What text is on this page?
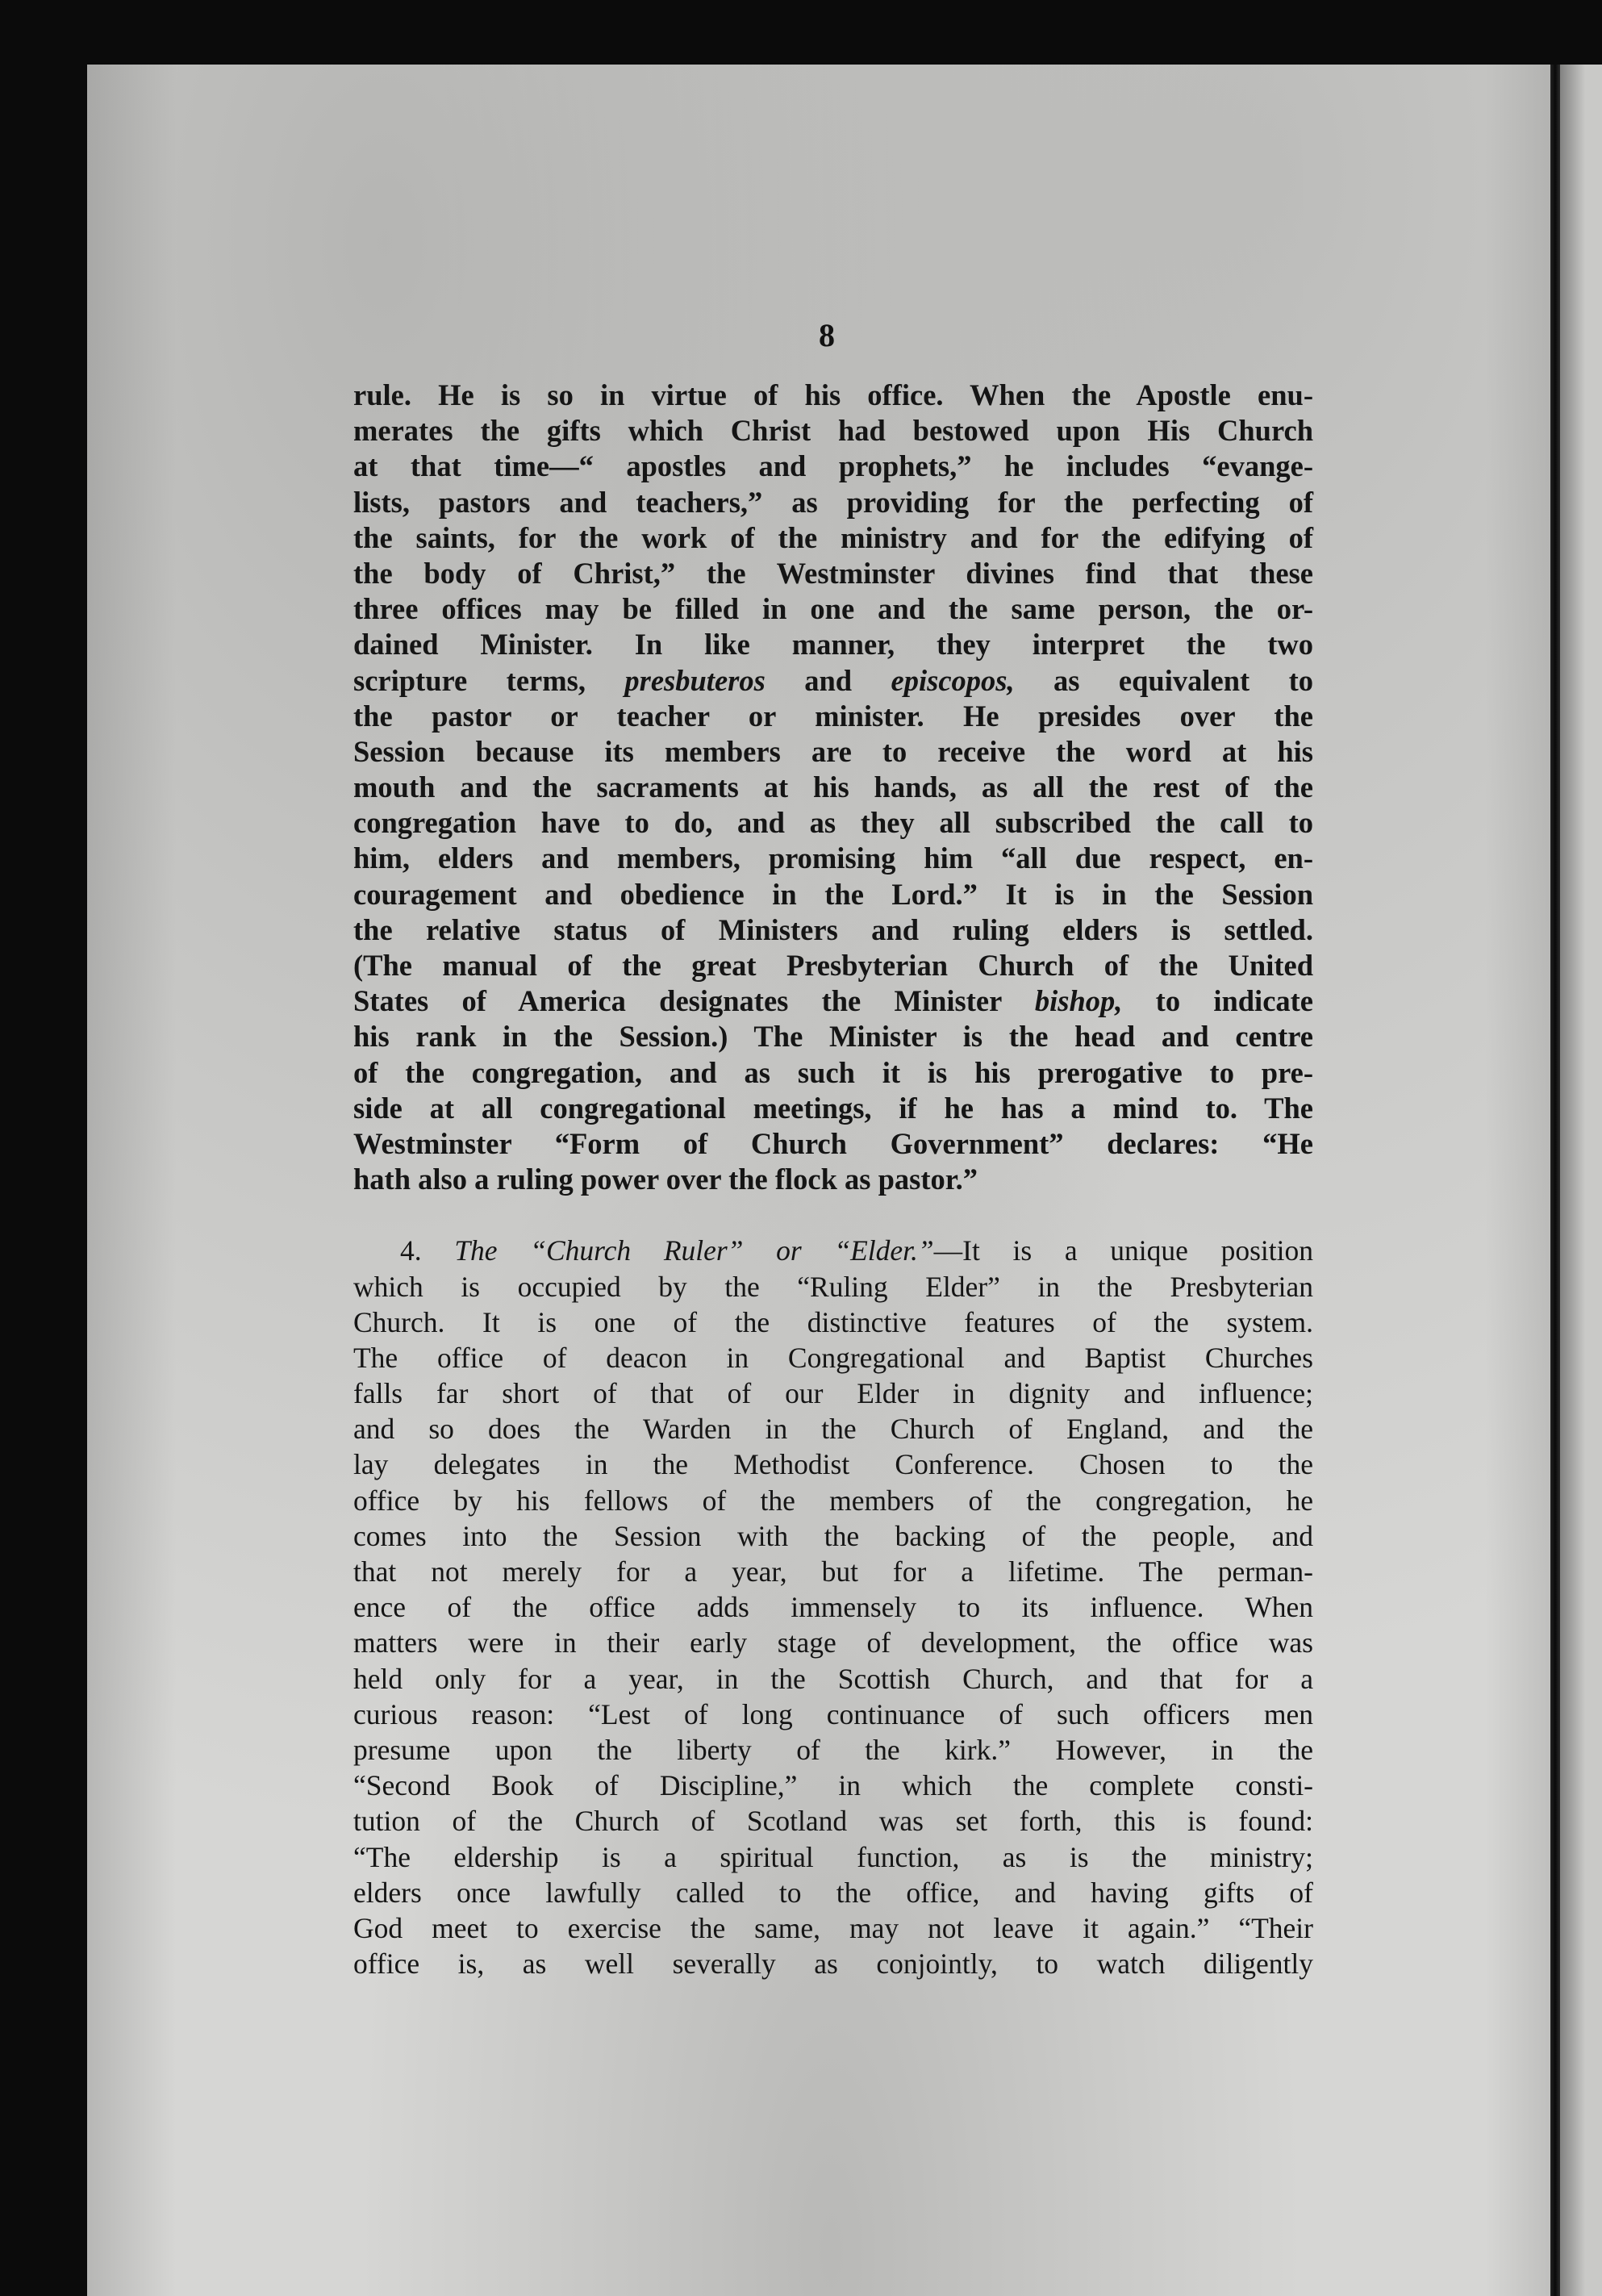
8
rule. He is so in virtue of his office. When the Apostle enu-
merates the gifts which Christ had bestowed upon His Church
at that time—“ apostles and prophets,” he includes “evange-
lists, pastors and teachers,” as providing for the perfecting of
the saints, for the work of the ministry and for the edifying of
the body of Christ,” the Westminster divines find that these
three offices may be filled in one and the same person, the or-
dained Minister. In like manner, they interpret the two
scripture terms, presbuteros and episcopos, as equivalent to
the pastor or teacher or minister. He presides over the
Session because its members are to receive the word at his
mouth and the sacraments at his hands, as all the rest of the
congregation have to do, and as they all subscribed the call to
him, elders and members, promising him “all due respect, en-
couragement and obedience in the Lord.” It is in the Session
the relative status of Ministers and ruling elders is settled.
(The manual of the great Presbyterian Church of the United
States of America designates the Minister bishop, to indicate
his rank in the Session.) The Minister is the head and centre
of the congregation, and as such it is his prerogative to pre-
side at all congregational meetings, if he has a mind to. The
Westminster “Form of Church Government” declares: “He
hath also a ruling power over the flock as pastor.”
4. The “Church Ruler” or “Elder.”—It is a unique position
which is occupied by the “Ruling Elder” in the Presbyterian
Church. It is one of the distinctive features of the system.
The office of deacon in Congregational and Baptist Churches
falls far short of that of our Elder in dignity and influence;
and so does the Warden in the Church of England, and the
lay delegates in the Methodist Conference. Chosen to the
office by his fellows of the members of the congregation, he
comes into the Session with the backing of the people, and
that not merely for a year, but for a lifetime. The perman-
ence of the office adds immensely to its influence. When
matters were in their early stage of development, the office was
held only for a year, in the Scottish Church, and that for a
curious reason: “Lest of long continuance of such officers men
presume upon the liberty of the kirk.” However, in the
“Second Book of Discipline,” in which the complete consti-
tution of the Church of Scotland was set forth, this is found:
“The eldership is a spiritual function, as is the ministry;
elders once lawfully called to the office, and having gifts of
God meet to exercise the same, may not leave it again.” “Their
office is, as well severally as conjointly, to watch diligently
